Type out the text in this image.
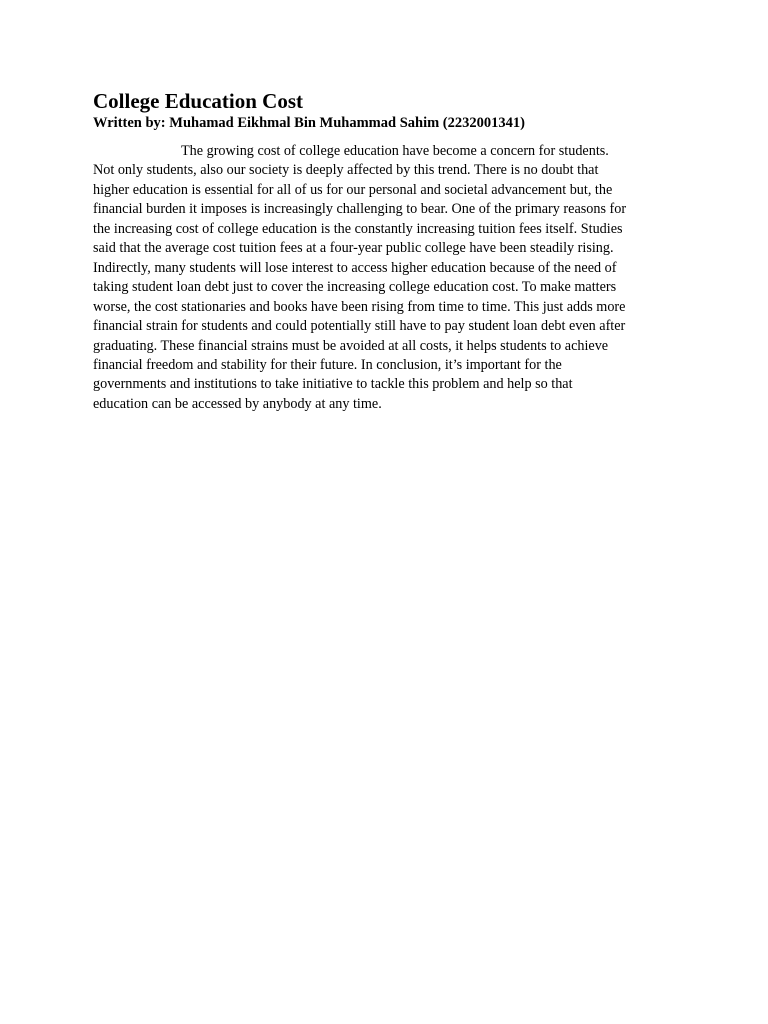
College Education Cost

Written by: Muhamad Eikhmal Bin Muhammad Sahim (2232001341)

The growing cost of college education have become a concern for students.
Not only students, also our society is deeply affected by this trend. There is no doubt that
higher education is essential for all of us for our personal and societal advancement but, the
financial burden it imposes is increasingly challenging to bear. One of the primary reasons for
the increasing cost of college education is the constantly increasing tuition fees itself. Studies
said that the average cost tuition fees at a four-year public college have been steadily rising.
Indirectly, many students will lose interest to access higher education because of the need of
taking student loan debt just to cover the increasing college education cost. To make matters
worse, the cost stationaries and books have been rising from time to time. This just adds more
financial strain for students and could potentially still have to pay student loan debt even after
graduating. These financial strains must be avoided at all costs, it helps students to achieve
financial freedom and stability for their future. In conclusion, it’s important for the
governments and institutions to take initiative to tackle this problem and help so that
education can be accessed by anybody at any time.
